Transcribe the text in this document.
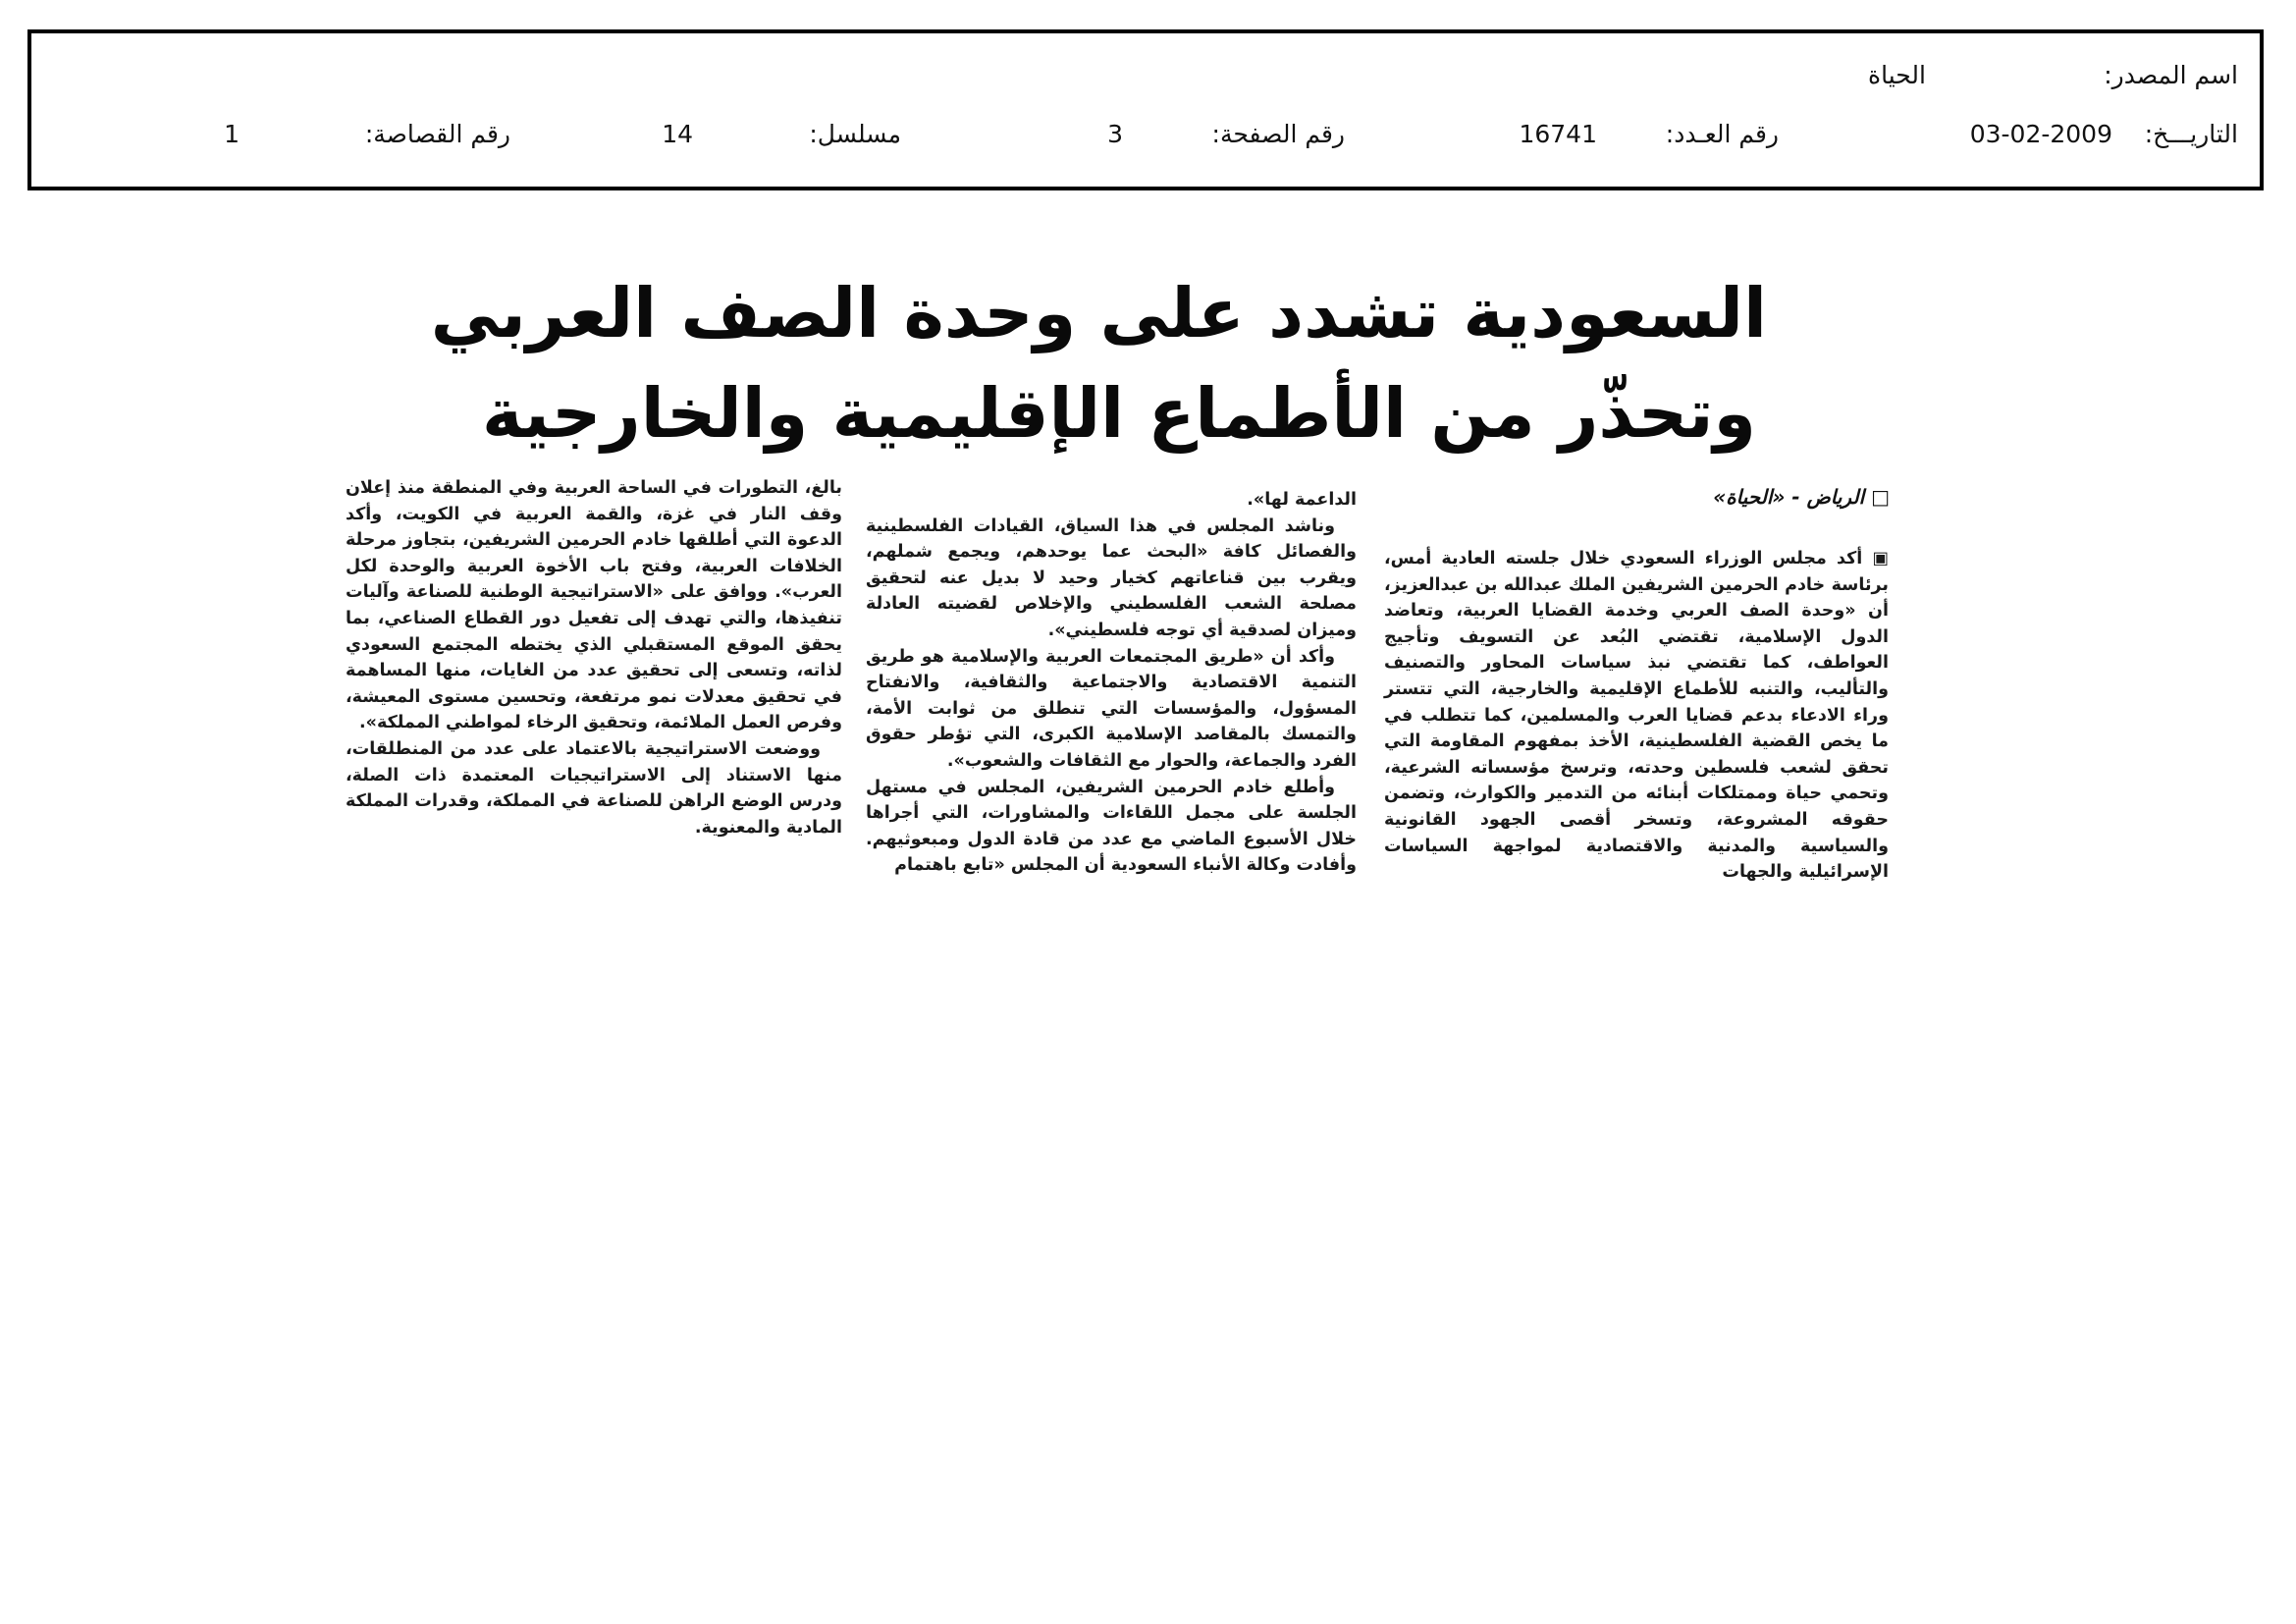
اسم المصدر:
الحياة
التاريـــخ:
03-02-2009
رقم العـدد:
16741
رقم الصفحة:
3
مسلسل:
14
رقم القصاصة:
1
السعودية تشدد على وحدة الصف العربي
وتحذّر من الأطماع الإقليمية والخارجية
□ الرياض - «الحياة»

▣ أكد مجلس الوزراء السعودي خلال جلسته العادية أمس، برئاسة خادم الحرمين الشريفين الملك عبدالله بن عبدالعزيز، أن «وحدة الصف العربي وخدمة القضايا العربية، وتعاضد الدول الإسلامية، تقتضي البُعد عن التسويف وتأجيج العواطف، كما تقتضي نبذ سياسات المحاور والتصنيف والتأليب، والتنبه للأطماع الإقليمية والخارجية، التي تتستر وراء الادعاء بدعم قضايا العرب والمسلمين، كما تتطلب في ما يخص القضية الفلسطينية، الأخذ بمفهوم المقاومة التي تحقق لشعب فلسطين وحدته، وترسخ مؤسساته الشرعية، وتحمي حياة وممتلكات أبنائه من التدمير والكوارث، وتضمن حقوقه المشروعة، وتسخر أقصى الجهود القانونية والسياسية والمدنية والاقتصادية لمواجهة السياسات الإسرائيلية والجهات

الداعمة لها».

وناشد المجلس في هذا السياق، القيادات الفلسطينية والفصائل كافة «البحث عما يوحدهم، ويجمع شملهم، ويقرب بين قناعاتهم كخيار وحيد لا بديل عنه لتحقيق مصلحة الشعب الفلسطيني والإخلاص لقضيته العادلة وميزان لصدقية أي توجه فلسطيني».

وأكد أن «طريق المجتمعات العربية والإسلامية هو طريق التنمية الاقتصادية والاجتماعية والثقافية، والانفتاح المسؤول، والمؤسسات التي تنطلق من ثوابت الأمة، والتمسك بالمقاصد الإسلامية الكبرى، التي تؤطر حقوق الفرد والجماعة، والحوار مع الثقافات والشعوب».

وأطلع خادم الحرمين الشريفين، المجلس في مستهل الجلسة على مجمل اللقاءات والمشاورات، التي أجراها خلال الأسبوع الماضي مع عدد من قادة الدول ومبعوثيهم. وأفادت وكالة الأنباء السعودية أن المجلس «تابع باهتمام

بالغ، التطورات في الساحة العربية وفي المنطقة منذ إعلان وقف النار في غزة، والقمة العربية في الكويت، وأكد الدعوة التي أطلقها خادم الحرمين الشريفين، بتجاوز مرحلة الخلافات العربية، وفتح باب الأخوة العربية والوحدة لكل العرب». ووافق على «الاستراتيجية الوطنية للصناعة وآليات تنفيذها، والتي تهدف إلى تفعيل دور القطاع الصناعي، بما يحقق الموقع المستقبلي الذي يختطه المجتمع السعودي لذاته، وتسعى إلى تحقيق عدد من الغايات، منها المساهمة في تحقيق معدلات نمو مرتفعة، وتحسين مستوى المعيشة، وفرص العمل الملائمة، وتحقيق الرخاء لمواطني المملكة».

ووضعت الاستراتيجية بالاعتماد على عدد من المنطلقات، منها الاستناد إلى الاستراتيجيات المعتمدة ذات الصلة، ودرس الوضع الراهن للصناعة في المملكة، وقدرات المملكة المادية والمعنوية.
